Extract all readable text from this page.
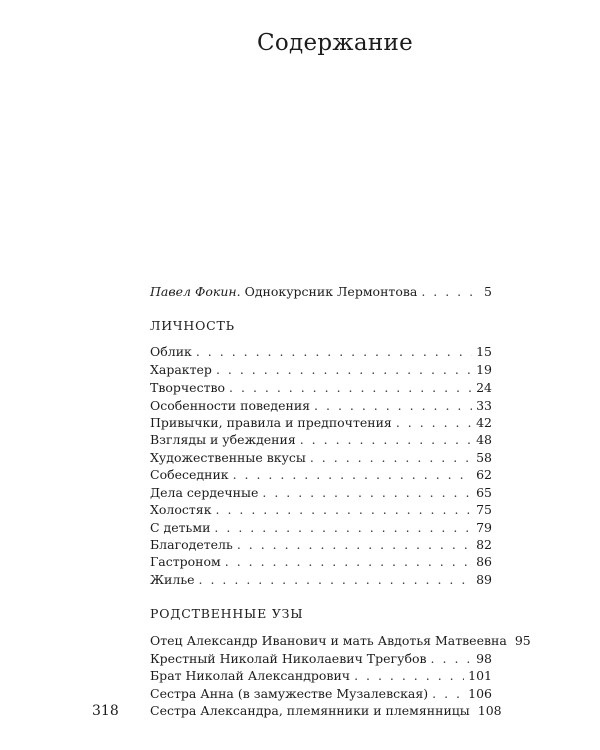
Содержание
Павел Фокин. Однокурсник Лермонтова . . .	5
ЛИЧНОСТЬ
Облик . . .	15
Характер . . .	19
Творчество . . .	24
Особенности поведения . . .	33
Привычки, правила и предпочтения . . .	42
Взгляды и убеждения . . .	48
Художественные вкусы . . .	58
Собеседник . . .	62
Дела сердечные . . .	65
Холостяк . . .	75
С детьми . . .	79
Благодетель . . .	82
Гастроном . . .	86
Жилье . . .	89
РОДСТВЕННЫЕ УЗЫ
Отец Александр Иванович и мать Авдотья Матвеевна 95
Крестный Николай Николаевич Трегубов . . .	98
Брат Николай Александрович . . .	101
Сестра Анна (в замужестве Музалевская) . . .	106
Сестра Александра, племянники и племянницы 108
318
